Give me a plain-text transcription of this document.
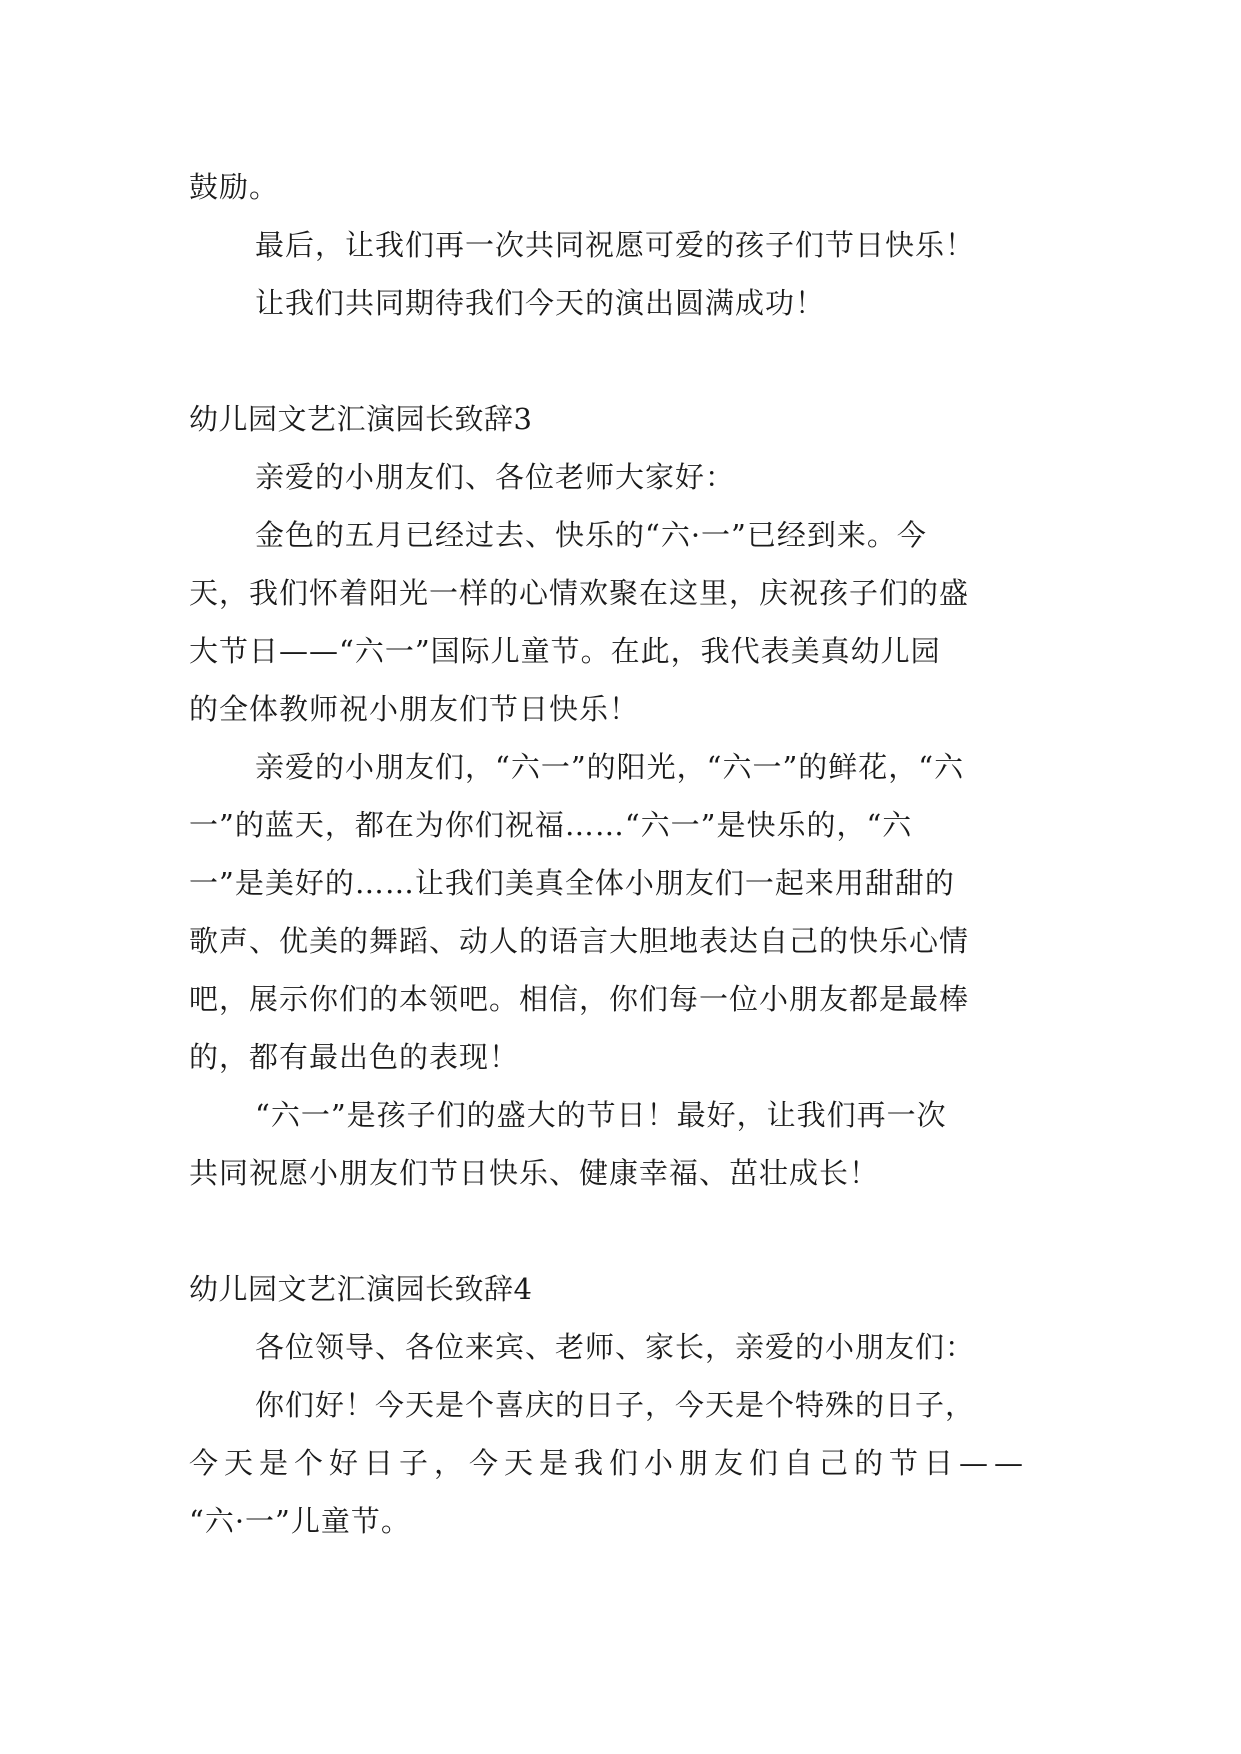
鼓励。
最后，让我们再一次共同祝愿可爱的孩子们节日快乐！
让我们共同期待我们今天的演出圆满成功！
幼儿园文艺汇演园长致辞3
亲爱的小朋友们、各位老师大家好：
金色的五月已经过去、快乐的“六·一”已经到来。今
天，我们怀着阳光一样的心情欢聚在这里，庆祝孩子们的盛
大节日——“六一”国际儿童节。在此，我代表美真幼儿园
的全体教师祝小朋友们节日快乐！
亲爱的小朋友们，“六一”的阳光，“六一”的鲜花，“六
一”的蓝天，都在为你们祝福……“六一”是快乐的，“六
一”是美好的……让我们美真全体小朋友们一起来用甜甜的
歌声、优美的舞蹈、动人的语言大胆地表达自己的快乐心情
吧，展示你们的本领吧。相信，你们每一位小朋友都是最棒
的，都有最出色的表现！
“六一”是孩子们的盛大的节日！最好，让我们再一次
共同祝愿小朋友们节日快乐、健康幸福、茁壮成长！
幼儿园文艺汇演园长致辞4
各位领导、各位来宾、老师、家长，亲爱的小朋友们：
你们好！今天是个喜庆的日子，今天是个特殊的日子，
今天是个好日子，今天是我们小朋友们自己的节日——
“六·一”儿童节。
